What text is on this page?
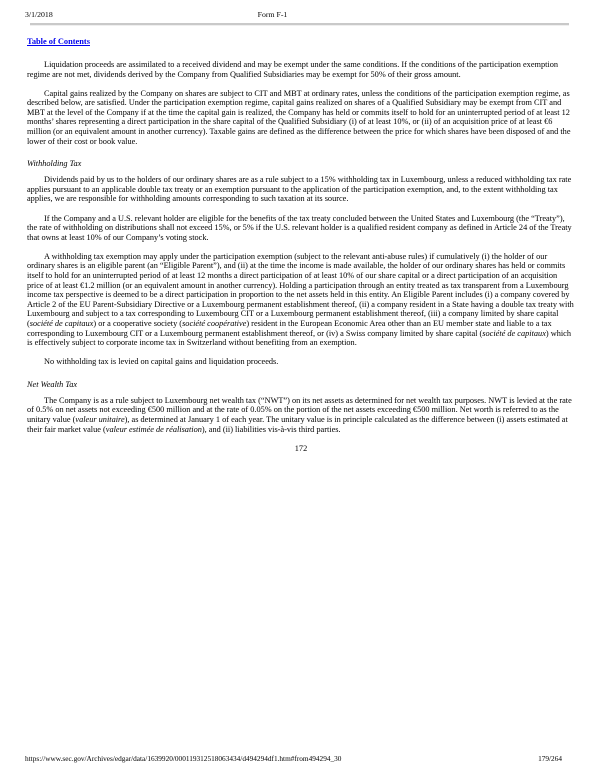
3/1/2018	Form F-1
Table of Contents

Liquidation proceeds are assimilated to a received dividend and may be exempt under the same conditions. If the conditions of the participation exemption regime are not met, dividends derived by the Company from Qualified Subsidiaries may be exempt for 50% of their gross amount.

Capital gains realized by the Company on shares are subject to CIT and MBT at ordinary rates, unless the conditions of the participation exemption regime, as described below, are satisfied. Under the participation exemption regime, capital gains realized on shares of a Qualified Subsidiary may be exempt from CIT and MBT at the level of the Company if at the time the capital gain is realized, the Company has held or commits itself to hold for an uninterrupted period of at least 12 months’ shares representing a direct participation in the share capital of the Qualified Subsidiary (i) of at least 10%, or (ii) of an acquisition price of at least €6 million (or an equivalent amount in another currency). Taxable gains are defined as the difference between the price for which shares have been disposed of and the lower of their cost or book value.

Withholding Tax

Dividends paid by us to the holders of our ordinary shares are as a rule subject to a 15% withholding tax in Luxembourg, unless a reduced withholding tax rate applies pursuant to an applicable double tax treaty or an exemption pursuant to the application of the participation exemption, and, to the extent withholding tax applies, we are responsible for withholding amounts corresponding to such taxation at its source.

If the Company and a U.S. relevant holder are eligible for the benefits of the tax treaty concluded between the United States and Luxembourg (the “Treaty”), the rate of withholding on distributions shall not exceed 15%, or 5% if the U.S. relevant holder is a qualified resident company as defined in Article 24 of the Treaty that owns at least 10% of our Company’s voting stock.

A withholding tax exemption may apply under the participation exemption (subject to the relevant anti-abuse rules) if cumulatively (i) the holder of our ordinary shares is an eligible parent (an “Eligible Parent”), and (ii) at the time the income is made available, the holder of our ordinary shares has held or commits itself to hold for an uninterrupted period of at least 12 months a direct participation of at least 10% of our share capital or a direct participation of an acquisition price of at least €1.2 million (or an equivalent amount in another currency). Holding a participation through an entity treated as tax transparent from a Luxembourg income tax perspective is deemed to be a direct participation in proportion to the net assets held in this entity. An Eligible Parent includes (i) a company covered by Article 2 of the EU Parent-Subsidiary Directive or a Luxembourg permanent establishment thereof, (ii) a company resident in a State having a double tax treaty with Luxembourg and subject to a tax corresponding to Luxembourg CIT or a Luxembourg permanent establishment thereof, (iii) a company limited by share capital (société de capitaux) or a cooperative society (société coopérative) resident in the European Economic Area other than an EU member state and liable to a tax corresponding to Luxembourg CIT or a Luxembourg permanent establishment thereof, or (iv) a Swiss company limited by share capital (société de capitaux) which is effectively subject to corporate income tax in Switzerland without benefiting from an exemption.

No withholding tax is levied on capital gains and liquidation proceeds.

Net Wealth Tax

The Company is as a rule subject to Luxembourg net wealth tax (“NWT”) on its net assets as determined for net wealth tax purposes. NWT is levied at the rate of 0.5% on net assets not exceeding €500 million and at the rate of 0.05% on the portion of the net assets exceeding €500 million. Net worth is referred to as the unitary value (valeur unitaire), as determined at January 1 of each year. The unitary value is in principle calculated as the difference between (i) assets estimated at their fair market value (valeur estimée de réalisation), and (ii) liabilities vis-à-vis third parties.

172
https://www.sec.gov/Archives/edgar/data/1639920/000119312518063434/d494294df1.htm#from494294_30	179/264
